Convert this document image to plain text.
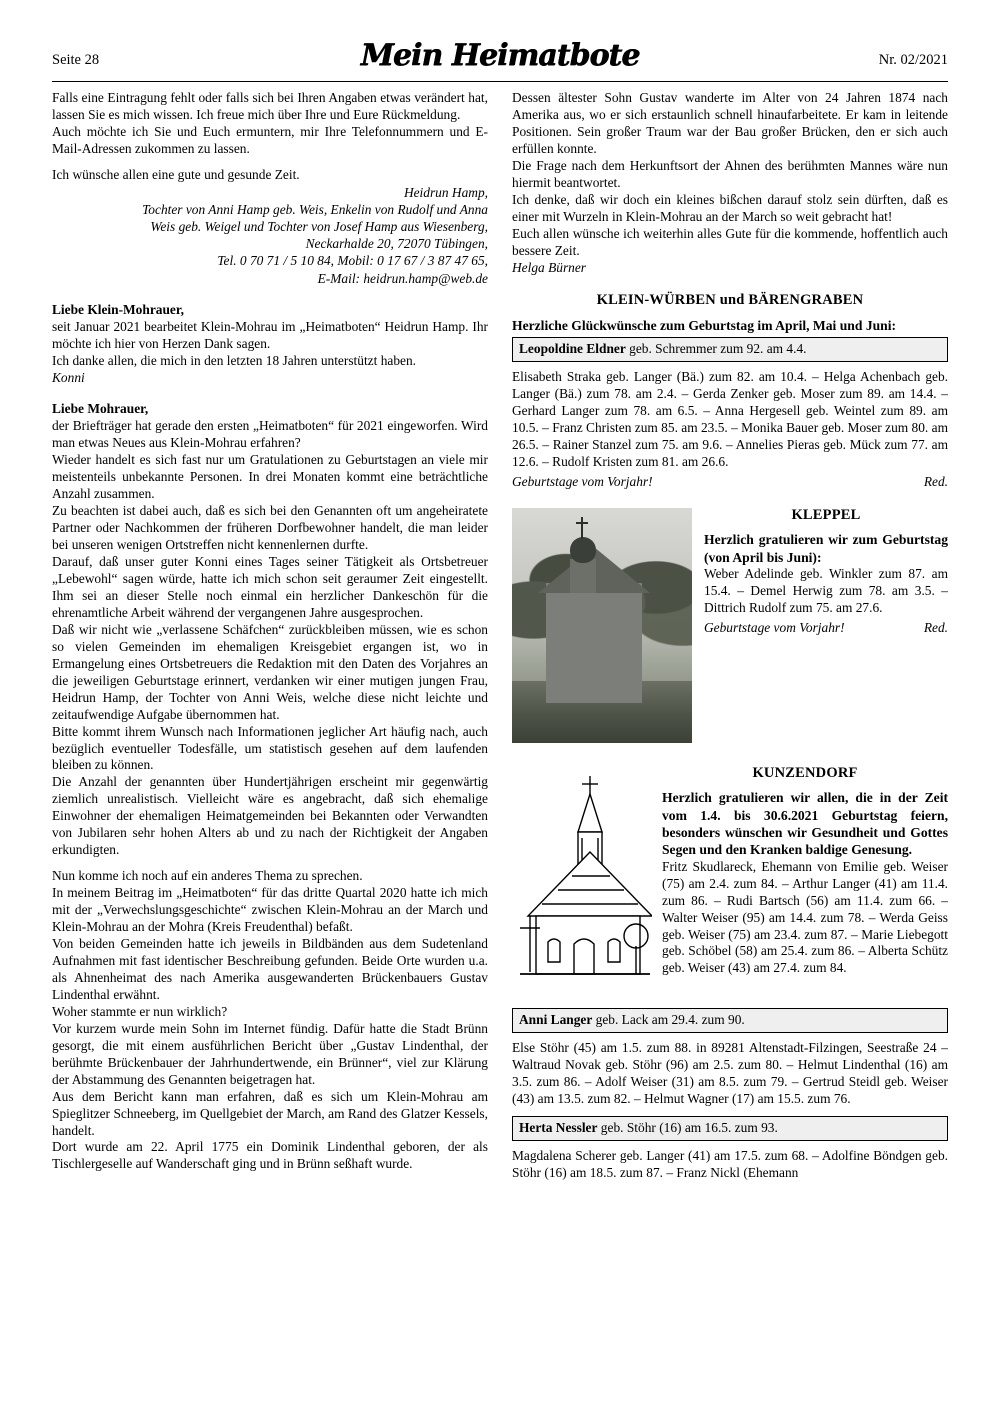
Seite 28	Mein Heimatbote	Nr. 02/2021

Falls eine Eintragung fehlt oder falls sich bei Ihren Angaben etwas verändert hat, lassen Sie es mich wissen. Ich freue mich über Ihre und Eure Rückmeldung.

Auch möchte ich Sie und Euch ermuntern, mir Ihre Telefonnummern und E-Mail-Adressen zukommen zu lassen.

Ich wünsche allen eine gute und gesunde Zeit.

Heidrun Hamp,
Tochter von Anni Hamp geb. Weis, Enkelin von Rudolf und Anna
Weis geb. Weigel und Tochter von Josef Hamp aus Wiesenberg,
Neckarhalde 20, 72070 Tübingen,
Tel. 0 70 71 / 5 10 84, Mobil: 0 17 67 / 3 87 47 65,
E-Mail: heidrun.hamp@web.de

Liebe Klein-Mohrauer,

seit Januar 2021 bearbeitet Klein-Mohrau im „Heimatboten“ Heidrun Hamp. Ihr möchte ich hier von Herzen Dank sagen.

Ich danke allen, die mich in den letzten 18 Jahren unterstützt haben.

Konni

Liebe Mohrauer,

der Briefträger hat gerade den ersten „Heimatboten“ für 2021 eingeworfen. Wird man etwas Neues aus Klein-Mohrau erfahren?

Wieder handelt es sich fast nur um Gratulationen zu Geburtstagen an viele mir meistenteils unbekannte Personen. In drei Monaten kommt eine beträchtliche Anzahl zusammen.

Zu beachten ist dabei auch, daß es sich bei den Genannten oft um angeheiratete Partner oder Nachkommen der früheren Dorfbewohner handelt, die man leider bei unseren wenigen Ortstreffen nicht kennenlernen durfte.

Darauf, daß unser guter Konni eines Tages seiner Tätigkeit als Ortsbetreuer „Lebewohl“ sagen würde, hatte ich mich schon seit geraumer Zeit eingestellt. Ihm sei an dieser Stelle noch einmal ein herzlicher Dankeschön für die ehrenamtliche Arbeit während der vergangenen Jahre ausgesprochen.

Daß wir nicht wie „verlassene Schäfchen“ zurückbleiben müssen, wie es schon so vielen Gemeinden im ehemaligen Kreisgebiet ergangen ist, wo in Ermangelung eines Ortsbetreuers die Redaktion mit den Daten des Vorjahres an die jeweiligen Geburtstage erinnert, verdanken wir einer mutigen jungen Frau, Heidrun Hamp, der Tochter von Anni Weis, welche diese nicht leichte und zeitaufwendige Aufgabe übernommen hat.

Bitte kommt ihrem Wunsch nach Informationen jeglicher Art häufig nach, auch bezüglich eventueller Todesfälle, um statistisch gesehen auf dem laufenden bleiben zu können.

Die Anzahl der genannten über Hundertjährigen erscheint mir gegenwärtig ziemlich unrealistisch. Vielleicht wäre es angebracht, daß sich ehemalige Einwohner der ehemaligen Heimatgemeinden bei Bekannten oder Verwandten von Jubilaren sehr hohen Alters ab und zu nach der Richtigkeit der Angaben erkundigten.

Nun komme ich noch auf ein anderes Thema zu sprechen.

In meinem Beitrag im „Heimatboten“ für das dritte Quartal 2020 hatte ich mich mit der „Verwechslungsgeschichte“ zwischen Klein-Mohrau an der March und Klein-Mohrau an der Mohra (Kreis Freudenthal) befaßt.

Von beiden Gemeinden hatte ich jeweils in Bildbänden aus dem Sudetenland Aufnahmen mit fast identischer Beschreibung gefunden. Beide Orte wurden u.a. als Ahnenheimat des nach Amerika ausgewanderten Brückenbauers Gustav Lindenthal erwähnt.

Woher stammte er nun wirklich?

Vor kurzem wurde mein Sohn im Internet fündig. Dafür hatte die Stadt Brünn gesorgt, die mit einem ausführlichen Bericht über „Gustav Lindenthal, der berühmte Brückenbauer der Jahrhundertwende, ein Brünner“, viel zur Klärung der Abstammung des Genannten beigetragen hat.

Aus dem Bericht kann man erfahren, daß es sich um Klein-Mohrau am Spieglitzer Schneeberg, im Quellgebiet der March, am Rand des Glatzer Kessels, handelt.

Dort wurde am 22. April 1775 ein Dominik Lindenthal geboren, der als Tischlergeselle auf Wanderschaft ging und in Brünn seßhaft wurde.

Dessen ältester Sohn Gustav wanderte im Alter von 24 Jahren 1874 nach Amerika aus, wo er sich erstaunlich schnell hinaufarbeitete. Er kam in leitende Positionen. Sein großer Traum war der Bau großer Brücken, den er sich auch erfüllen konnte.

Die Frage nach dem Herkunftsort der Ahnen des berühmten Mannes wäre nun hiermit beantwortet.

Ich denke, daß wir doch ein kleines bißchen darauf stolz sein dürften, daß es einer mit Wurzeln in Klein-Mohrau an der March so weit gebracht hat!

Euch allen wünsche ich weiterhin alles Gute für die kommende, hoffentlich auch bessere Zeit.

Helga Bürner

KLEIN-WÜRBEN und BÄRENGRABEN

Herzliche Glückwünsche zum Geburtstag im April, Mai und Juni:

Leopoldine Eldner geb. Schremmer zum 92. am 4.4.

Elisabeth Straka geb. Langer (Bä.) zum 82. am 10.4. – Helga Achenbach geb. Langer (Bä.) zum 78. am 2.4. – Gerda Zenker geb. Moser zum 89. am 14.4. – Gerhard Langer zum 78. am 6.5. – Anna Hergesell geb. Weintel zum 89. am 10.5. – Franz Christen zum 85. am 23.5. – Monika Bauer geb. Moser zum 80. am 26.5. – Rainer Stanzel zum 75. am 9.6. – Annelies Pieras geb. Mück zum 77. am 12.6. – Rudolf Kristen zum 81. am 26.6.

Geburtstage vom Vorjahr!	Red.
KLEPPEL

Herzlich gratulieren wir zum Geburtstag (von April bis Juni):

Weber Adelinde geb. Winkler zum 87. am 15.4. – Demel Herwig zum 78. am 3.5. – Dittrich Rudolf zum 75. am 27.6.

Geburtstage vom Vorjahr!	Red.
KUNZENDORF

Herzlich gratulieren wir allen, die in der Zeit vom 1.4. bis 30.6.2021 Geburtstag feiern, besonders wünschen wir Gesundheit und Gottes Segen und den Kranken baldige Genesung.

Fritz Skudlareck, Ehemann von Emilie geb. Weiser (75) am 2.4. zum 84. – Arthur Langer (41) am 11.4. zum 86. – Rudi Bartsch (56) am 11.4. zum 66. – Walter Weiser (95) am 14.4. zum 78. – Werda Geiss geb. Weiser (75) am 23.4. zum 87. – Marie Liebegott geb. Schöbel (58) am 25.4. zum 86. – Alberta Schütz geb. Weiser (43) am 27.4. zum 84.

Anni Langer geb. Lack am 29.4. zum 90.

Else Stöhr (45) am 1.5. zum 88. in 89281 Altenstadt-Filzingen, Seestraße 24 – Waltraud Novak geb. Stöhr (96) am 2.5. zum 80. – Helmut Lindenthal (16) am 3.5. zum 86. – Adolf Weiser (31) am 8.5. zum 79. – Gertrud Steidl geb. Weiser (43) am 13.5. zum 82. – Helmut Wagner (17) am 15.5. zum 76.

Herta Nessler geb. Stöhr (16) am 16.5. zum 93.

Magdalena Scherer geb. Langer (41) am 17.5. zum 68. – Adolfine Böndgen geb. Stöhr (16) am 18.5. zum 87. – Franz Nickl (Ehemann
